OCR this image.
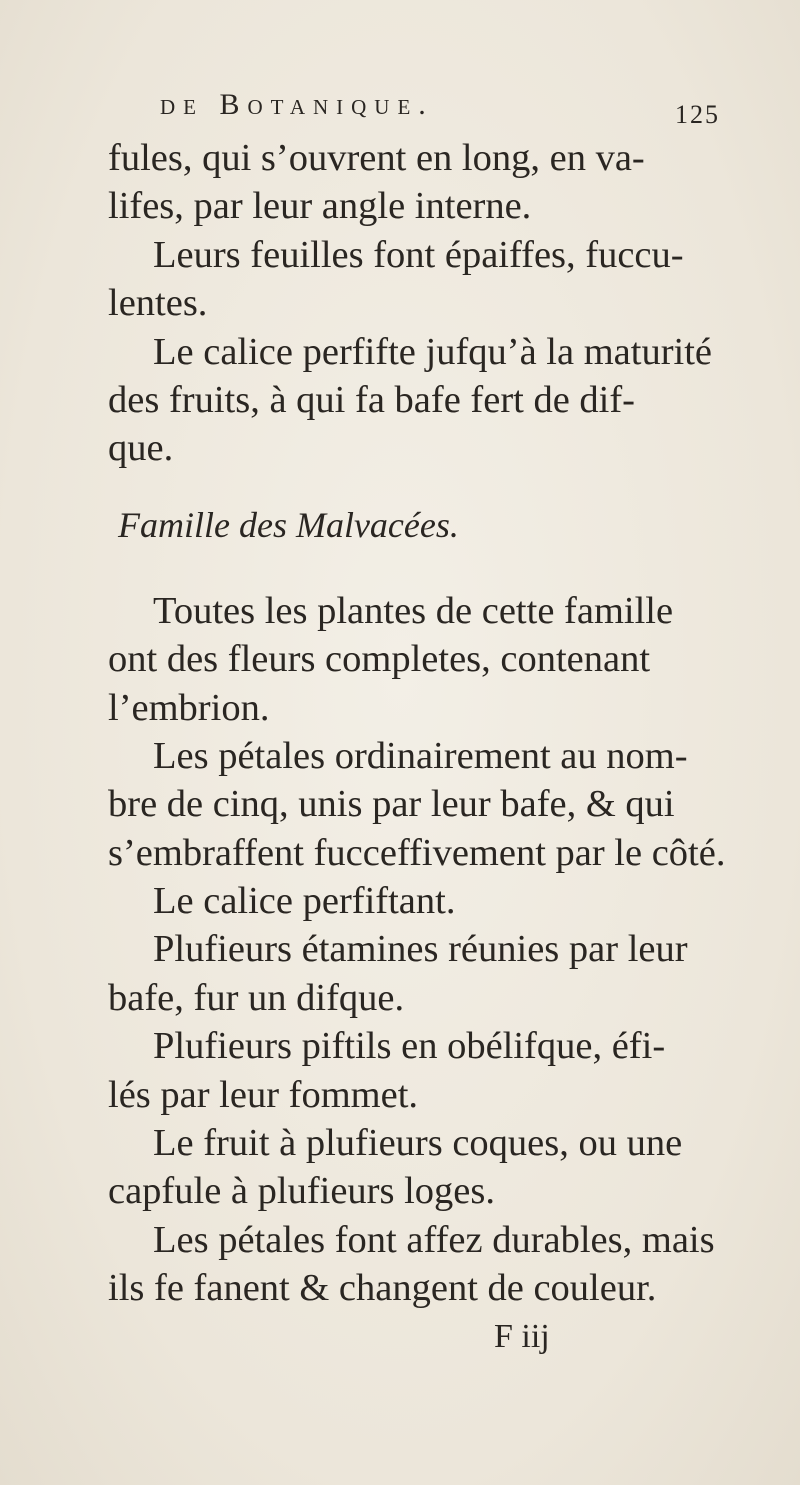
de Botanique.	125
fules, qui s’ouvrent en long, en va-
lifes, par leur angle interne.
Leurs feuilles font épaiffes, fuccu-
lentes.
Le calice perfifte jufqu’à la maturité
des fruits, à qui fa bafe fert de dif-
que.
Famille des Malvacées.
Toutes les plantes de cette famille
ont des fleurs completes, contenant
l’embrion.
Les pétales ordinairement au nom-
bre de cinq, unis par leur bafe, & qui
s’embraffent fucceffivement par le côté.
Le calice perfiftant.
Plufieurs étamines réunies par leur
bafe, fur un difque.
Plufieurs piftils en obélifque, éfi-
lés par leur fommet.
Le fruit à plufieurs coques, ou une
capfule à plufieurs loges.
Les pétales font affez durables, mais
ils fe fanent & changent de couleur.
F iij
